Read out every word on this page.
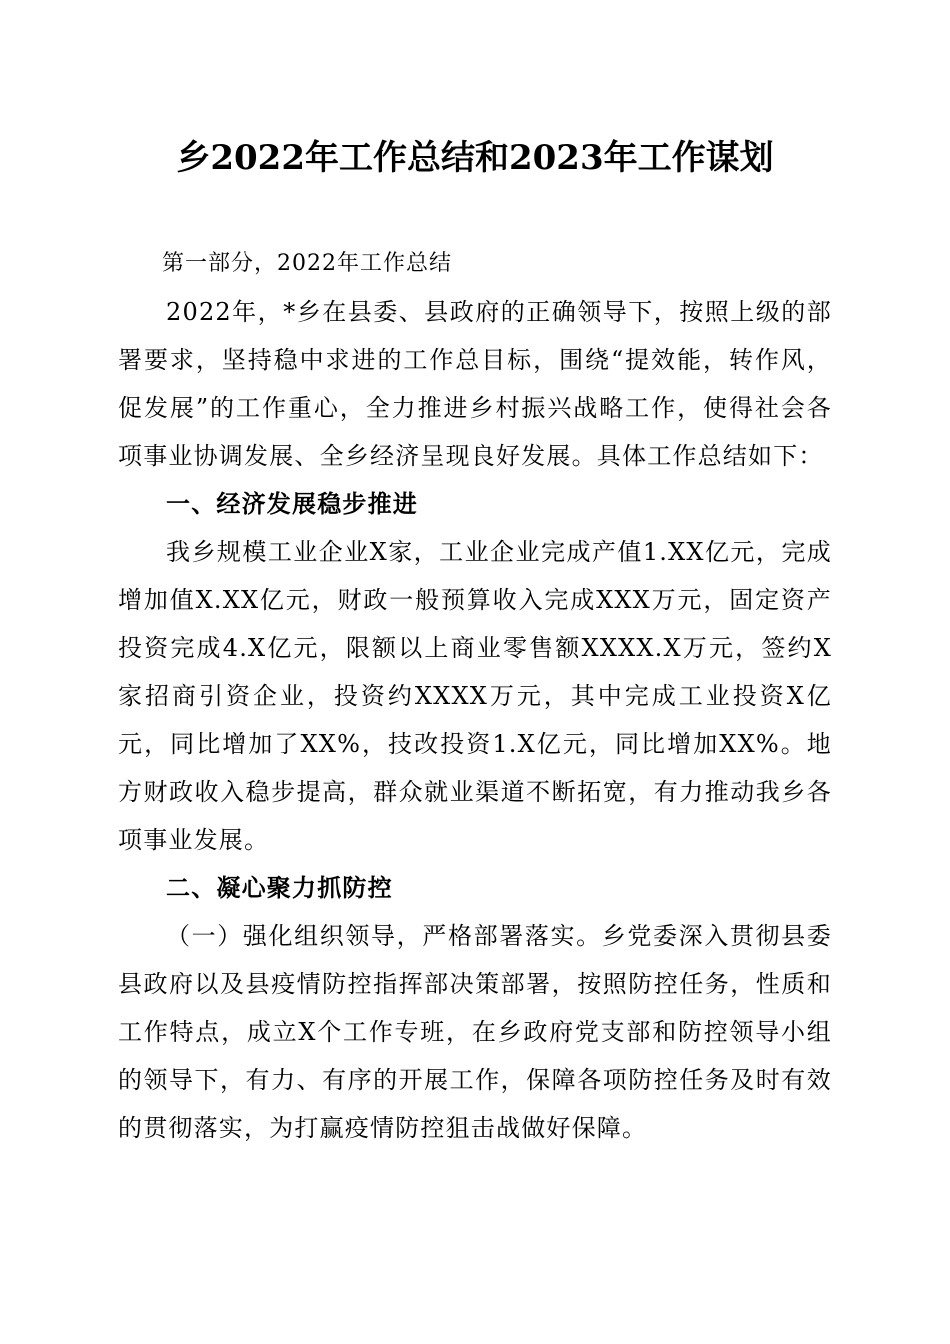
乡2022年工作总结和2023年工作谋划

第一部分，2022年工作总结

2022年，*乡在县委、县政府的正确领导下，按照上级的部署要求，坚持稳中求进的工作总目标，围绕“提效能，转作风，促发展”的工作重心，全力推进乡村振兴战略工作，使得社会各项事业协调发展、全乡经济呈现良好发展。具体工作总结如下：

一、经济发展稳步推进

我乡规模工业企业X家，工业企业完成产值1.XX亿元，完成增加值X.XX亿元，财政一般预算收入完成XXX万元，固定资产投资完成4.X亿元，限额以上商业零售额XXXX.X万元，签约X家招商引资企业，投资约XXXX万元，其中完成工业投资X亿元，同比增加了XX%，技改投资1.X亿元，同比增加XX%。地方财政收入稳步提高，群众就业渠道不断拓宽，有力推动我乡各项事业发展。

二、凝心聚力抓防控

（一）强化组织领导，严格部署落实。乡党委深入贯彻县委县政府以及县疫情防控指挥部决策部署，按照防控任务，性质和工作特点，成立X个工作专班，在乡政府党支部和防控领导小组的领导下，有力、有序的开展工作，保障各项防控任务及时有效的贯彻落实，为打赢疫情防控狙击战做好保障。
